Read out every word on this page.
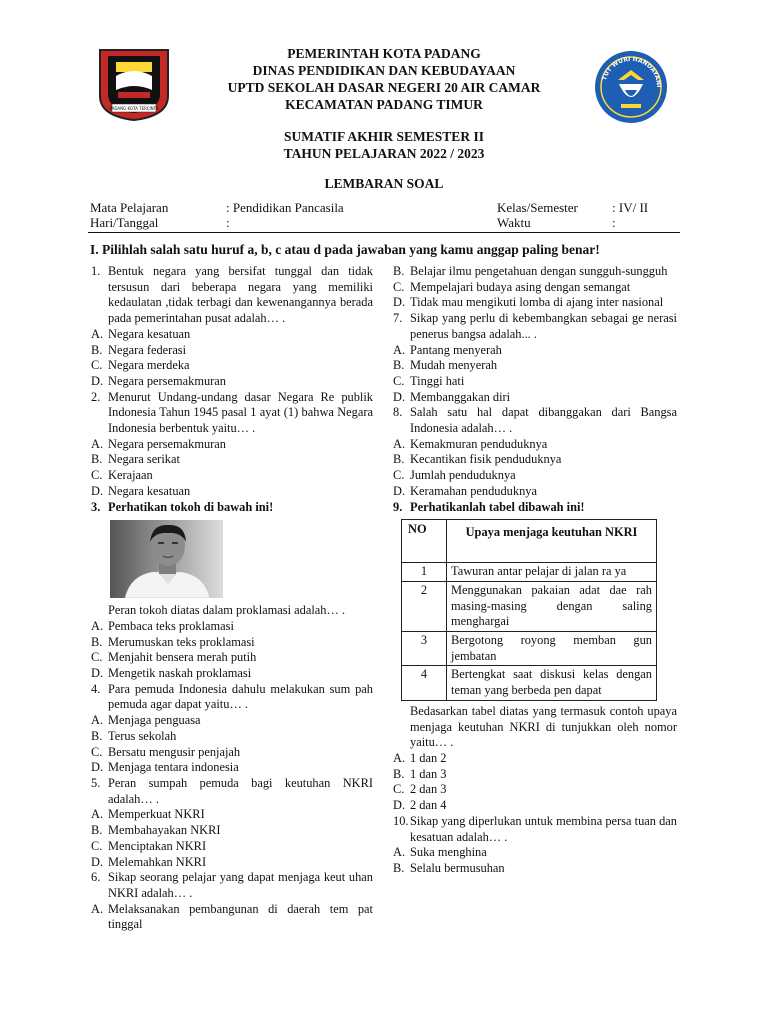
PADANG KOTA TERCINTA
TUT WURI HANDAYANI
PEMERINTAH KOTA PADANG
DINAS PENDIDIKAN DAN KEBUDAYAAN
UPTD SEKOLAH DASAR NEGERI 20 AIR CAMAR
KECAMATAN PADANG TIMUR
SUMATIF AKHIR SEMESTER II
TAHUN PELAJARAN 2022 / 2023
LEMBARAN SOAL
Mata Pelajaran	: Pendidikan Pancasila
Hari/Tanggal	:
Kelas/Semester	: IV/ II
Waktu	:
I. Pilihlah salah satu huruf a, b, c atau d pada jawaban yang kamu anggap paling benar!
1. Bentuk negara yang bersifat tunggal dan tidak tersusun dari beberapa negara yang memiliki kedaulatan ,tidak terbagi dan kewenangannya berada pada pemerintahan pusat adalah… .
A. Negara kesatuan
B. Negara federasi
C. Negara merdeka
D. Negara persemakmuran
2. Menurut Undang-undang dasar Negara Re publik Indonesia Tahun 1945 pasal 1 ayat (1) bahwa Negara Indonesia berbentuk yaitu… .
A. Negara persemakmuran
B. Negara serikat
C. Kerajaan
D. Negara kesatuan
3. Perhatikan tokoh di bawah ini!
Peran tokoh diatas dalam proklamasi adalah… .
A. Pembaca teks proklamasi
B. Merumuskan teks proklamasi
C. Menjahit bensera merah putih
D. Mengetik naskah proklamasi
4. Para pemuda Indonesia dahulu melakukan sum pah pemuda agar dapat yaitu… .
A. Menjaga penguasa
B. Terus sekolah
C. Bersatu mengusir penjajah
D. Menjaga tentara indonesia
5. Peran sumpah pemuda bagi keutuhan NKRI adalah… .
A. Memperkuat NKRI
B. Membahayakan NKRI
C. Menciptakan NKRI
D. Melemahkan NKRI
6. Sikap seorang pelajar yang dapat menjaga keut uhan NKRI adalah… .
A. Melaksanakan pembangunan di daerah tem pat tinggal
B. Belajar ilmu pengetahuan dengan sungguh-sungguh
C. Mempelajari budaya asing dengan semangat
D. Tidak mau mengikuti lomba di ajang inter nasional
7. Sikap yang perlu di kebembangkan sebagai ge nerasi penerus bangsa adalah... .
A. Pantang menyerah
B. Mudah menyerah
C. Tinggi hati
D. Membanggakan diri
8. Salah satu hal dapat dibanggakan dari Bangsa Indonesia adalah… .
A. Kemakmuran penduduknya
B. Kecantikan fisik penduduknya
C. Jumlah penduduknya
D. Keramahan penduduknya
9. Perhatikanlah tabel dibawah ini!
NO	Upaya menjaga keutuhan NKRI
1	Tawuran antar pelajar di jalan ra ya
2	Menggunakan pakaian adat dae rah masing-masing dengan saling menghargai
3	Bergotong royong memban gun jembatan
4	Bertengkat saat diskusi kelas dengan teman yang berbeda pen dapat
Bedasarkan tabel diatas yang termasuk contoh upaya menjaga keutuhan NKRI di tunjukkan oleh nomor yaitu… .
A. 1 dan 2
B. 1 dan 3
C. 2 dan 3
D. 2 dan 4
10. Sikap yang diperlukan untuk membina persa tuan dan kesatuan adalah… .
A. Suka menghina
B. Selalu bermusuhan
